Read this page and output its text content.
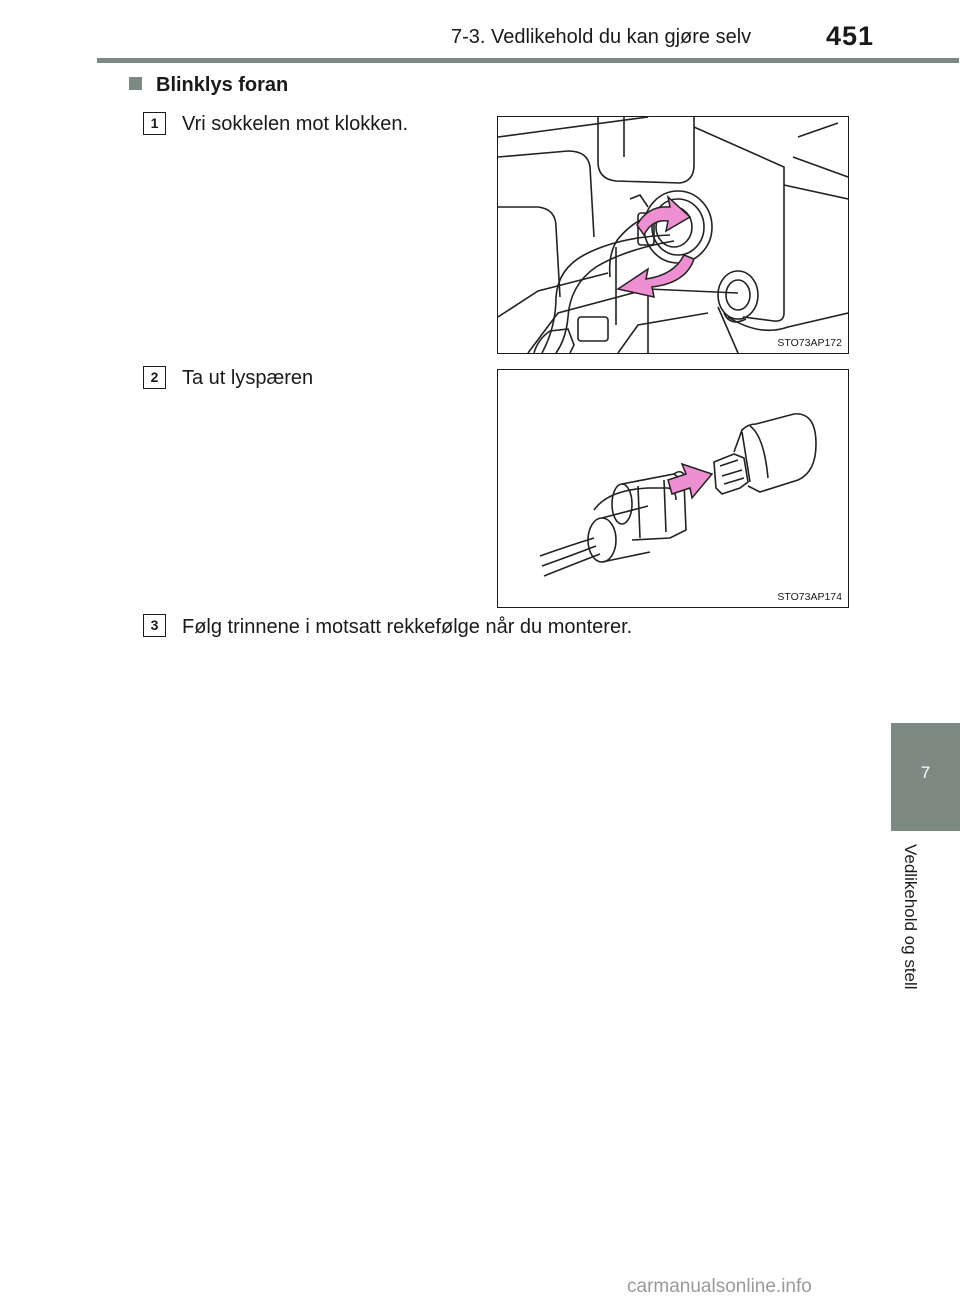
7-3. Vedlikehold du kan gjøre selv	451
7
Vedlikehold og stell
Blinklys foran
1	Vri sokkelen mot klokken.
STO73AP172
2	Ta ut lyspæren
STO73AP174
3	Følg trinnene i motsatt rekkefølge når du monterer.
carmanualsonline.info
